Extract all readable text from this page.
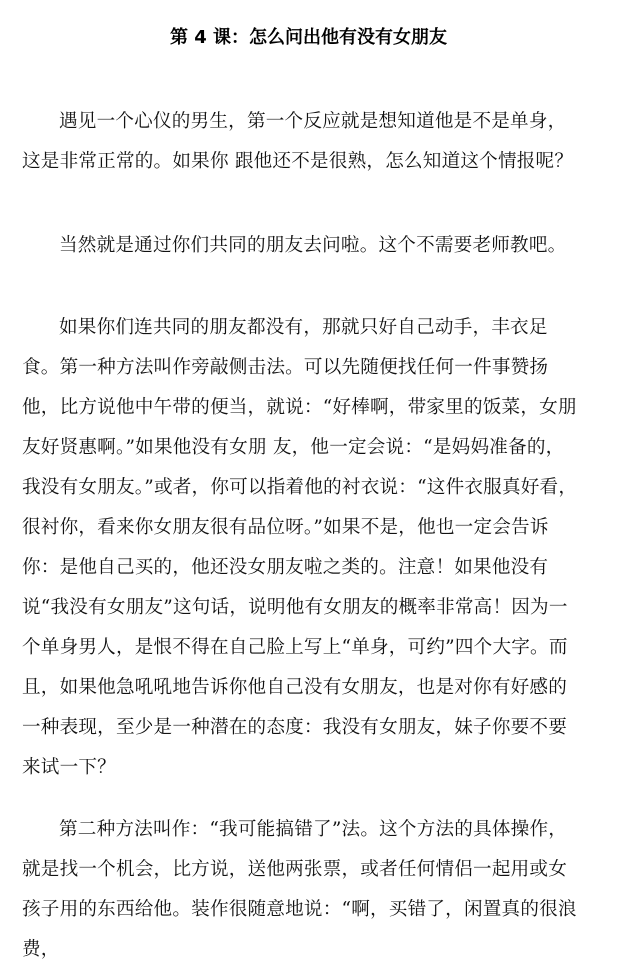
第 4 课：怎么问出他有没有女朋友

遇见一个心仪的男生，第一个反应就是想知道他是不是单身，这是非常正常的。如果你 跟他还不是很熟，怎么知道这个情报呢？

当然就是通过你们共同的朋友去问啦。这个不需要老师教吧。

如果你们连共同的朋友都没有，那就只好自己动手，丰衣足食。第一种方法叫作旁敲侧击法。可以先随便找任何一件事赞扬他，比方说他中午带的便当，就说：“好棒啊，带家里的饭菜，女朋友好贤惠啊。”如果他没有女朋 友，他一定会说：“是妈妈准备的，我没有女朋友。”或者，你可以指着他的衬衣说：“这件衣服真好看，很衬你，看来你女朋友很有品位呀。”如果不是，他也一定会告诉你：是他自己买的，他还没女朋友啦之类的。注意！如果他没有说“我没有女朋友”这句话，说明他有女朋友的概率非常高！因为一个单身男人，是恨不得在自己脸上写上“单身，可约”四个大字。而且，如果他急吼吼地告诉你他自己没有女朋友，也是对你有好感的一种表现，至少是一种潜在的态度：我没有女朋友，妹子你要不要来试一下？

第二种方法叫作：“我可能搞错了”法。这个方法的具体操作，就是找一个机会，比方说，送他两张票，或者任何情侣一起用或女孩子用的东西给他。装作很随意地说：“啊，买错了，闲置真的很浪费，
